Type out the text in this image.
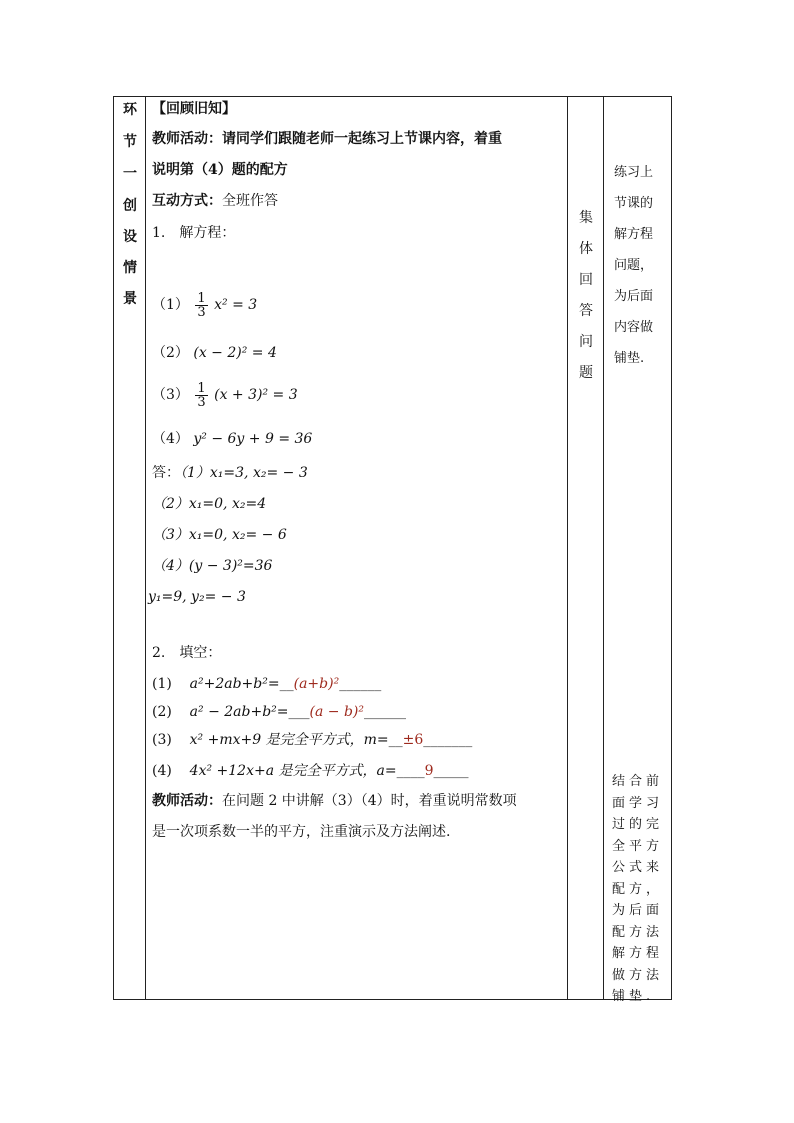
环
节
一
创
设
情
景
【回顾旧知】
教师活动：请同学们跟随老师一起练习上节课内容，着重
说明第（4）题的配方
互动方式：全班作答
1.　解方程：
$(1) \frac{1}{3} x^2 = 3$
（2） (x − 2)² = 4
$(3) \frac{1}{3} (x + 3)^2 = 3$
（4） y² − 6y + 9 = 36
答：（1）x₁=3, x₂= − 3
（2）x₁=0, x₂=4
（3）x₁=0, x₂= − 6
（4）(y − 3)²=36
y₁=9, y₂= − 3
2.　填空：
(1) a²+2ab+b²=__(a+b)²______
(2) a² − 2ab+b²=___(a − b)²______
(3) x² +mx+9 是完全平方式，m=__±6_______
(4) 4x² +12x+a 是完全平方式，a=____9_____
教师活动：在问题 2 中讲解（3）（4）时，着重说明常数项
是一次项系数一半的平方，注重演示及方法阐述.
集
体
回
答
问
题
练习上
节课的
解方程
问题，
为后面
内容做
铺垫.
结合前
面学习
过的完
全平方
公式来
配方，
为后面
配方法
解方程
做方法
铺垫.
